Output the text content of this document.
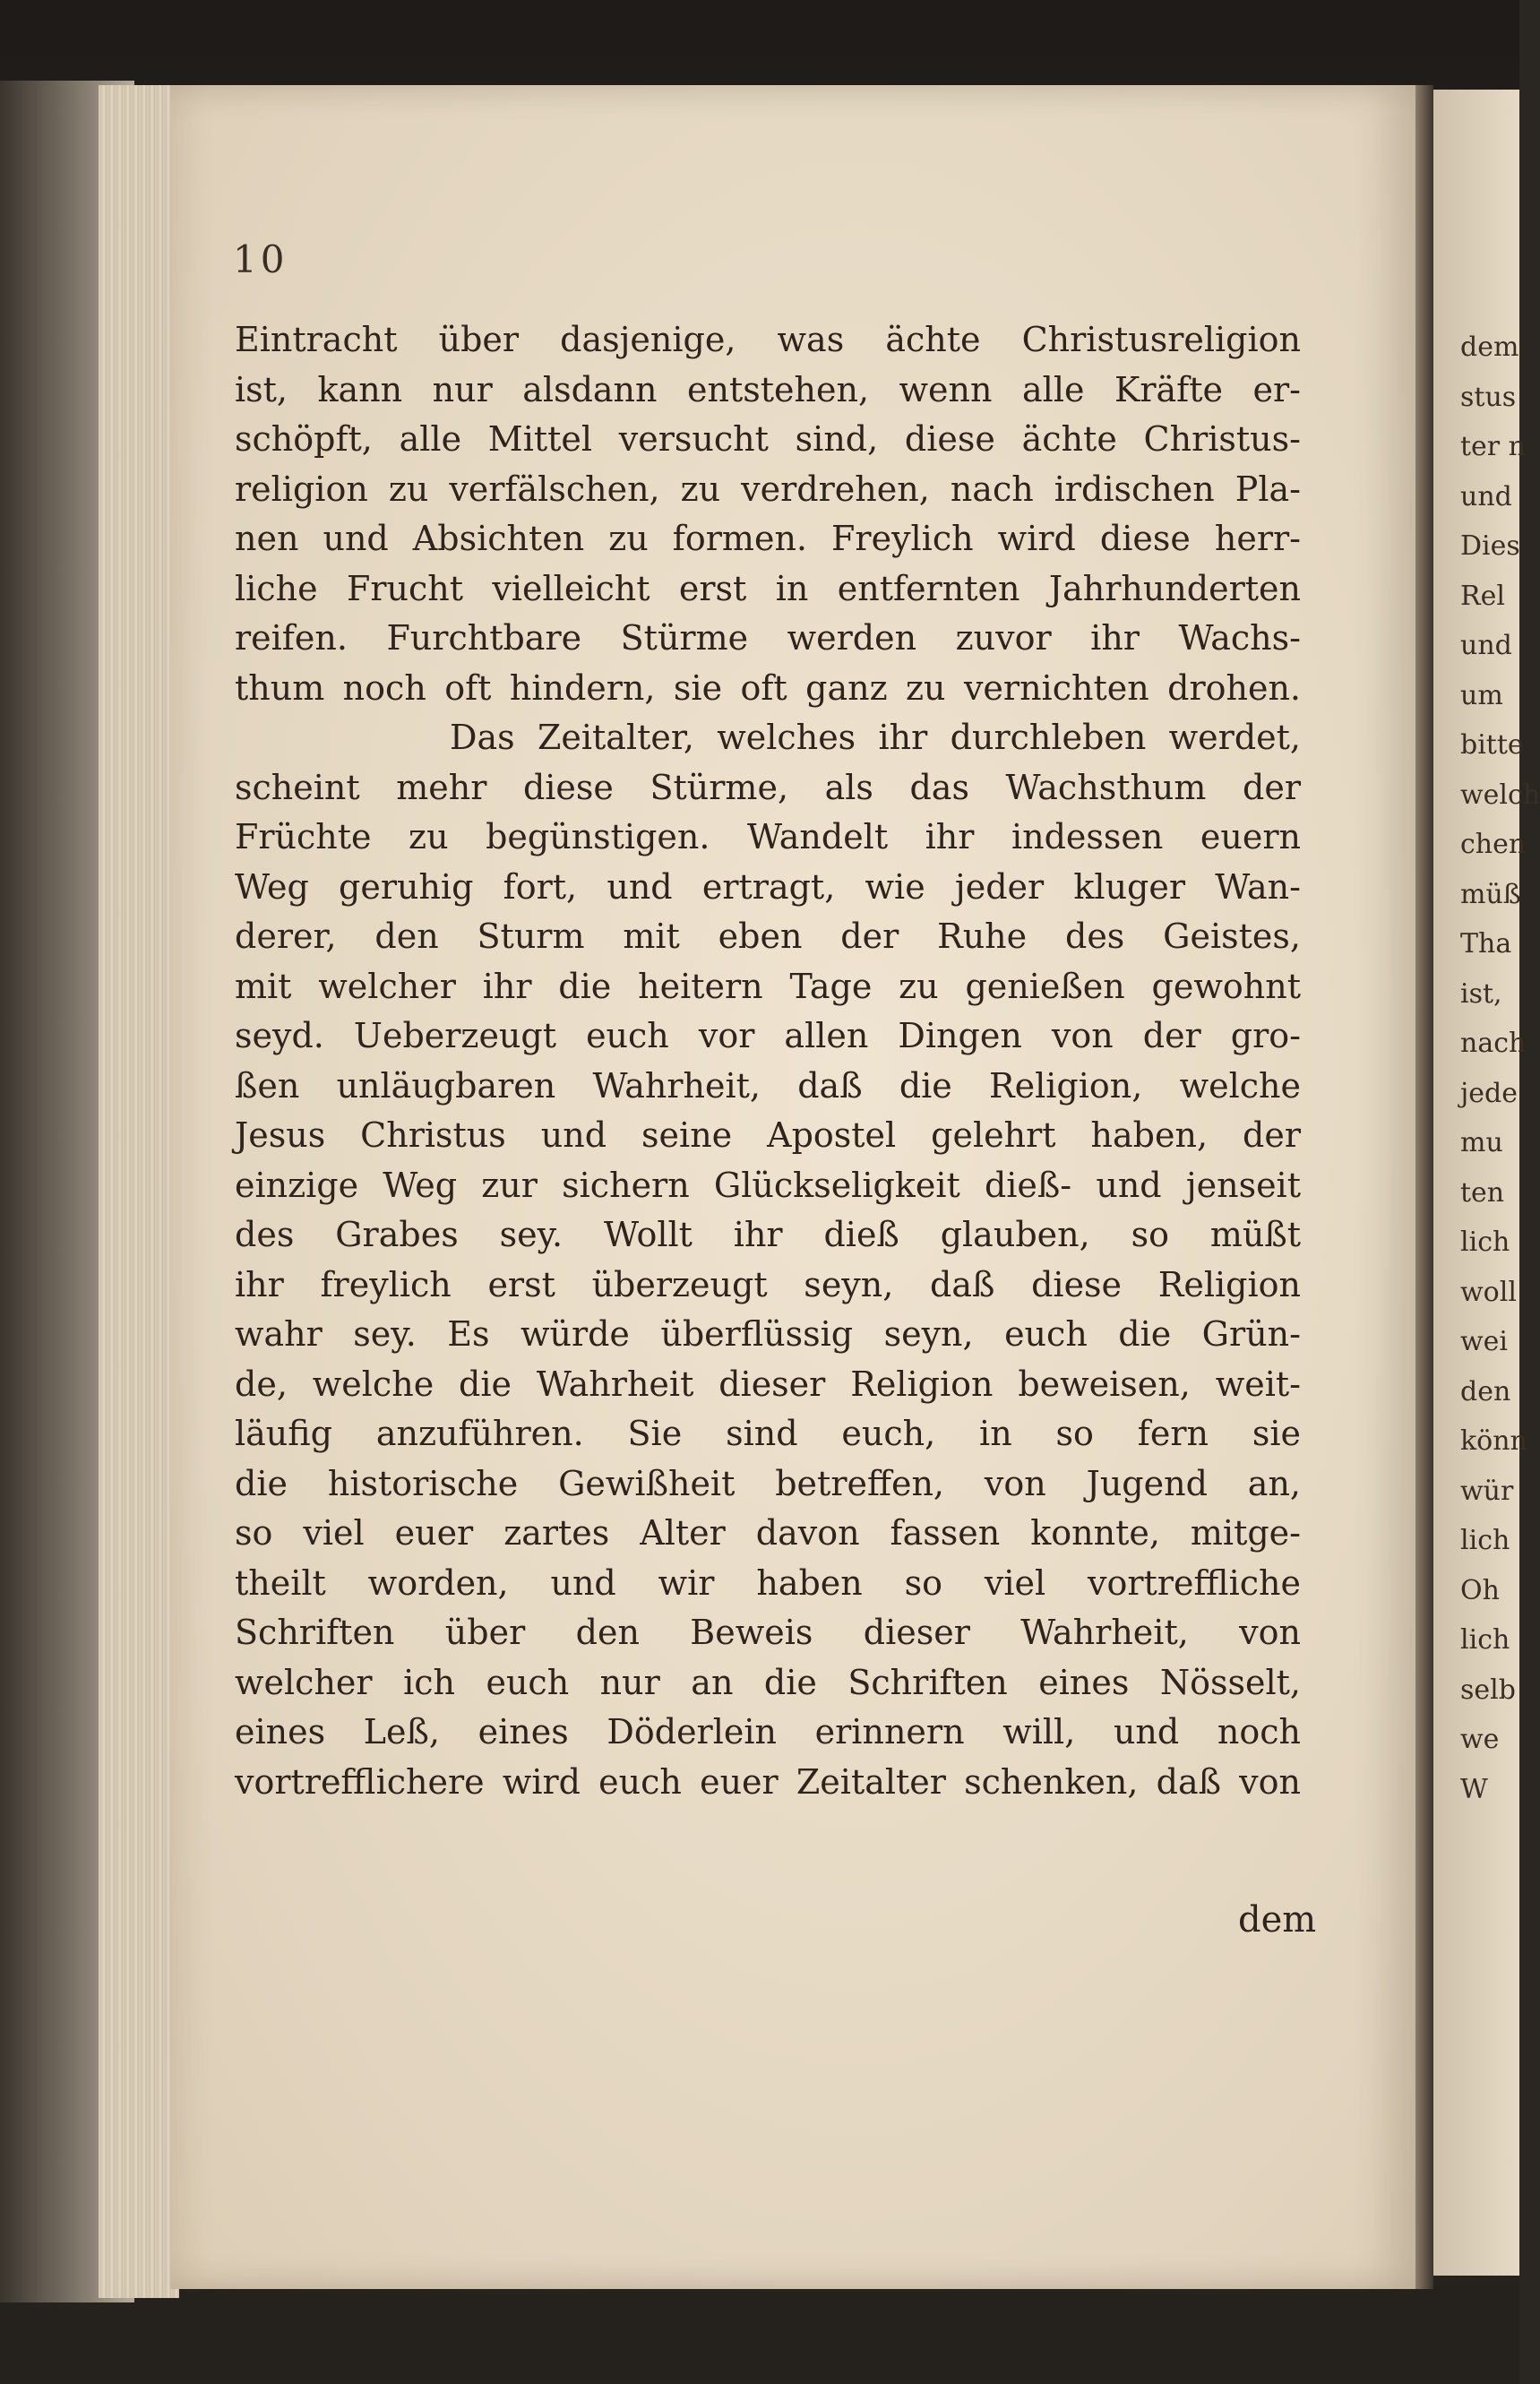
dem
stus
ter n
und
Dies
Rel
und
um
bitte
welch
chen
müß
Tha
ist,
nach
jede
mu
ten
lich
woll
wei
den
könn
wür
lich
Oh
lich
selb
we
W
10
Eintracht über dasjenige, was ächte Christusreligion
ist, kann nur alsdann entstehen, wenn alle Kräfte er-
schöpft, alle Mittel versucht sind, diese ächte Christus-
religion zu verfälschen, zu verdrehen, nach irdischen Pla-
nen und Absichten zu formen. Freylich wird diese herr-
liche Frucht vielleicht erst in entfernten Jahrhunderten
reifen. Furchtbare Stürme werden zuvor ihr Wachs-
thum noch oft hindern, sie oft ganz zu vernichten drohen.
Das Zeitalter, welches ihr durchleben werdet,
scheint mehr diese Stürme, als das Wachsthum der
Früchte zu begünstigen. Wandelt ihr indessen euern
Weg geruhig fort, und ertragt, wie jeder kluger Wan-
derer, den Sturm mit eben der Ruhe des Geistes,
mit welcher ihr die heitern Tage zu genießen gewohnt
seyd. Ueberzeugt euch vor allen Dingen von der gro-
ßen unläugbaren Wahrheit, daß die Religion, welche
Jesus Christus und seine Apostel gelehrt haben, der
einzige Weg zur sichern Glückseligkeit dieß- und jenseit
des Grabes sey. Wollt ihr dieß glauben, so müßt
ihr freylich erst überzeugt seyn, daß diese Religion
wahr sey. Es würde überflüssig seyn, euch die Grün-
de, welche die Wahrheit dieser Religion beweisen, weit-
läufig anzuführen. Sie sind euch, in so fern sie
die historische Gewißheit betreffen, von Jugend an,
so viel euer zartes Alter davon fassen konnte, mitge-
theilt worden, und wir haben so viel vortreffliche
Schriften über den Beweis dieser Wahrheit, von
welcher ich euch nur an die Schriften eines Nösselt,
eines Leß, eines Döderlein erinnern will, und noch
vortrefflichere wird euch euer Zeitalter schenken, daß von
dem
